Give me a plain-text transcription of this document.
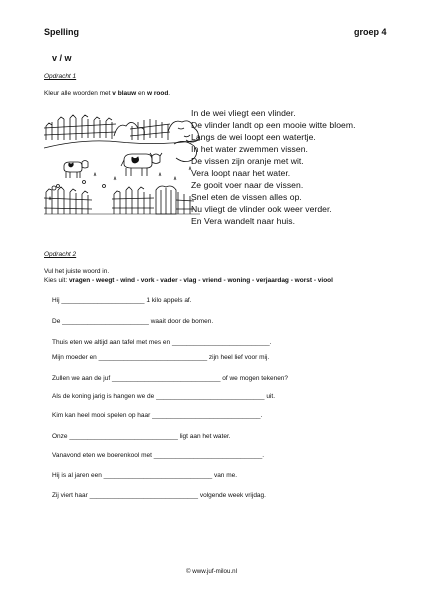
Spelling	groep 4
v / w
Opdracht 1
Kleur alle woorden met v blauw en w rood.
In de wei vliegt een vlinder.
De vlinder landt op een mooie witte bloem.
Langs de wei loopt een watertje.
In het water zwemmen vissen.
De vissen zijn oranje met wit.
Vera loopt naar het water.
Ze gooit voer naar de vissen.
Snel eten de vissen alles op.
Nu vliegt de vlinder ook weer verder.
En Vera wandelt naar huis.
Opdracht 2
Vul het juiste woord in.
Kies uit: vragen - weegt - wind - vork - vader - vlag - vriend - woning - verjaardag - worst - viool
Hij _______________________ 1 kilo appels af.
De ________________________ waait door de bomen.
Thuis eten we altijd aan tafel met mes en ___________________________.
Mijn moeder en ______________________________ zijn heel lief voor mij.
Zullen we aan de juf ______________________________ of we mogen tekenen?
Als de koning jarig is hangen we de ______________________________ uit.
Kim kan heel mooi spelen op haar ______________________________.
Onze ______________________________ ligt aan het water.
Vanavond eten we boerenkool met ______________________________.
Hij is al jaren een ______________________________ van me.
Zij viert haar ______________________________ volgende week vrijdag.
© www.juf-milou.nl
